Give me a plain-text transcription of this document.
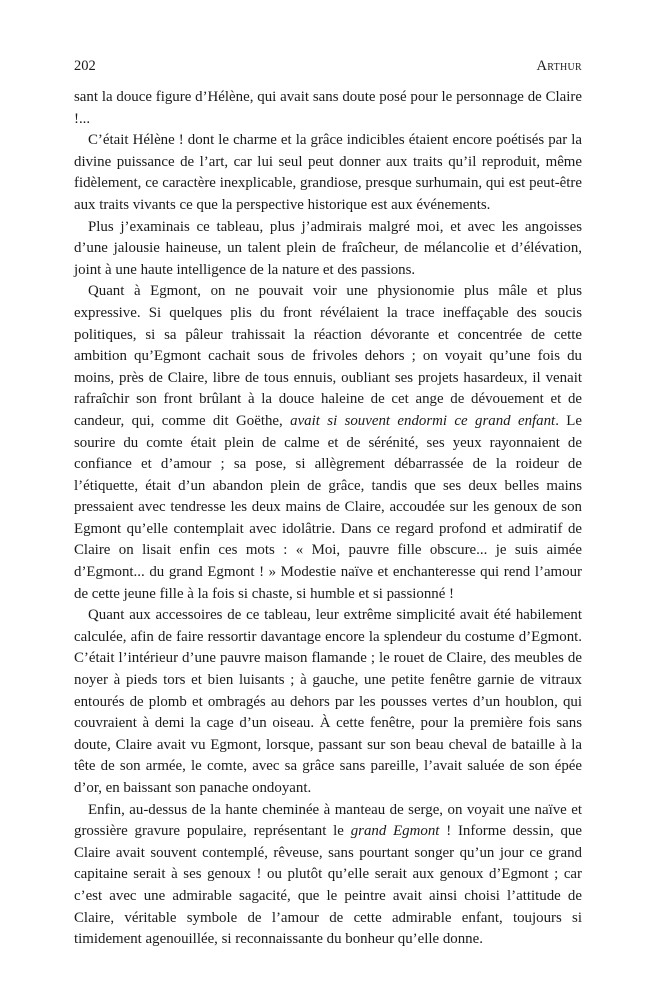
202	Arthur

sant la douce figure d’Hélène, qui avait sans doute posé pour le personnage de Claire !...

C’était Hélène ! dont le charme et la grâce indicibles étaient encore poétisés par la divine puissance de l’art, car lui seul peut donner aux traits qu’il reproduit, même fidèlement, ce caractère inexplicable, grandiose, presque surhumain, qui est peut-être aux traits vivants ce que la perspective historique est aux événements.

Plus j’examinais ce tableau, plus j’admirais malgré moi, et avec les angoisses d’une jalousie haineuse, un talent plein de fraîcheur, de mélancolie et d’élévation, joint à une haute intelligence de la nature et des passions.

Quant à Egmont, on ne pouvait voir une physionomie plus mâle et plus expressive. Si quelques plis du front révélaient la trace ineffaçable des soucis politiques, si sa pâleur trahissait la réaction dévorante et concentrée de cette ambition qu’Egmont cachait sous de frivoles dehors ; on voyait qu’une fois du moins, près de Claire, libre de tous ennuis, oubliant ses projets hasardeux, il venait rafraîchir son front brûlant à la douce haleine de cet ange de dévouement et de candeur, qui, comme dit Goëthe, avait si souvent endormi ce grand enfant. Le sourire du comte était plein de calme et de sérénité, ses yeux rayonnaient de confiance et d’amour ; sa pose, si allègrement débarrassée de la roideur de l’étiquette, était d’un abandon plein de grâce, tandis que ses deux belles mains pressaient avec tendresse les deux mains de Claire, accoudée sur les genoux de son Egmont qu’elle contemplait avec idolâtrie. Dans ce regard profond et admiratif de Claire on lisait enfin ces mots : « Moi, pauvre fille obscure... je suis aimée d’Egmont... du grand Egmont ! » Modestie naïve et enchanteresse qui rend l’amour de cette jeune fille à la fois si chaste, si humble et si passionné !

Quant aux accessoires de ce tableau, leur extrême simplicité avait été habilement calculée, afin de faire ressortir davantage encore la splendeur du costume d’Egmont. C’était l’intérieur d’une pauvre maison flamande ; le rouet de Claire, des meubles de noyer à pieds tors et bien luisants ; à gauche, une petite fenêtre garnie de vitraux entourés de plomb et ombragés au dehors par les pousses vertes d’un houblon, qui couvraient à demi la cage d’un oiseau. À cette fenêtre, pour la première fois sans doute, Claire avait vu Egmont, lorsque, passant sur son beau cheval de bataille à la tête de son armée, le comte, avec sa grâce sans pareille, l’avait saluée de son épée d’or, en baissant son panache ondoyant.

Enfin, au-dessus de la hante cheminée à manteau de serge, on voyait une naïve et grossière gravure populaire, représentant le grand Egmont ! Informe dessin, que Claire avait souvent contemplé, rêveuse, sans pourtant songer qu’un jour ce grand capitaine serait à ses genoux ! ou plutôt qu’elle serait aux genoux d’Egmont ; car c’est avec une admirable sagacité, que le peintre avait ainsi choisi l’attitude de Claire, véritable symbole de l’amour de cette admirable enfant, toujours si timidement agenouillée, si reconnaissante du bonheur qu’elle donne.
